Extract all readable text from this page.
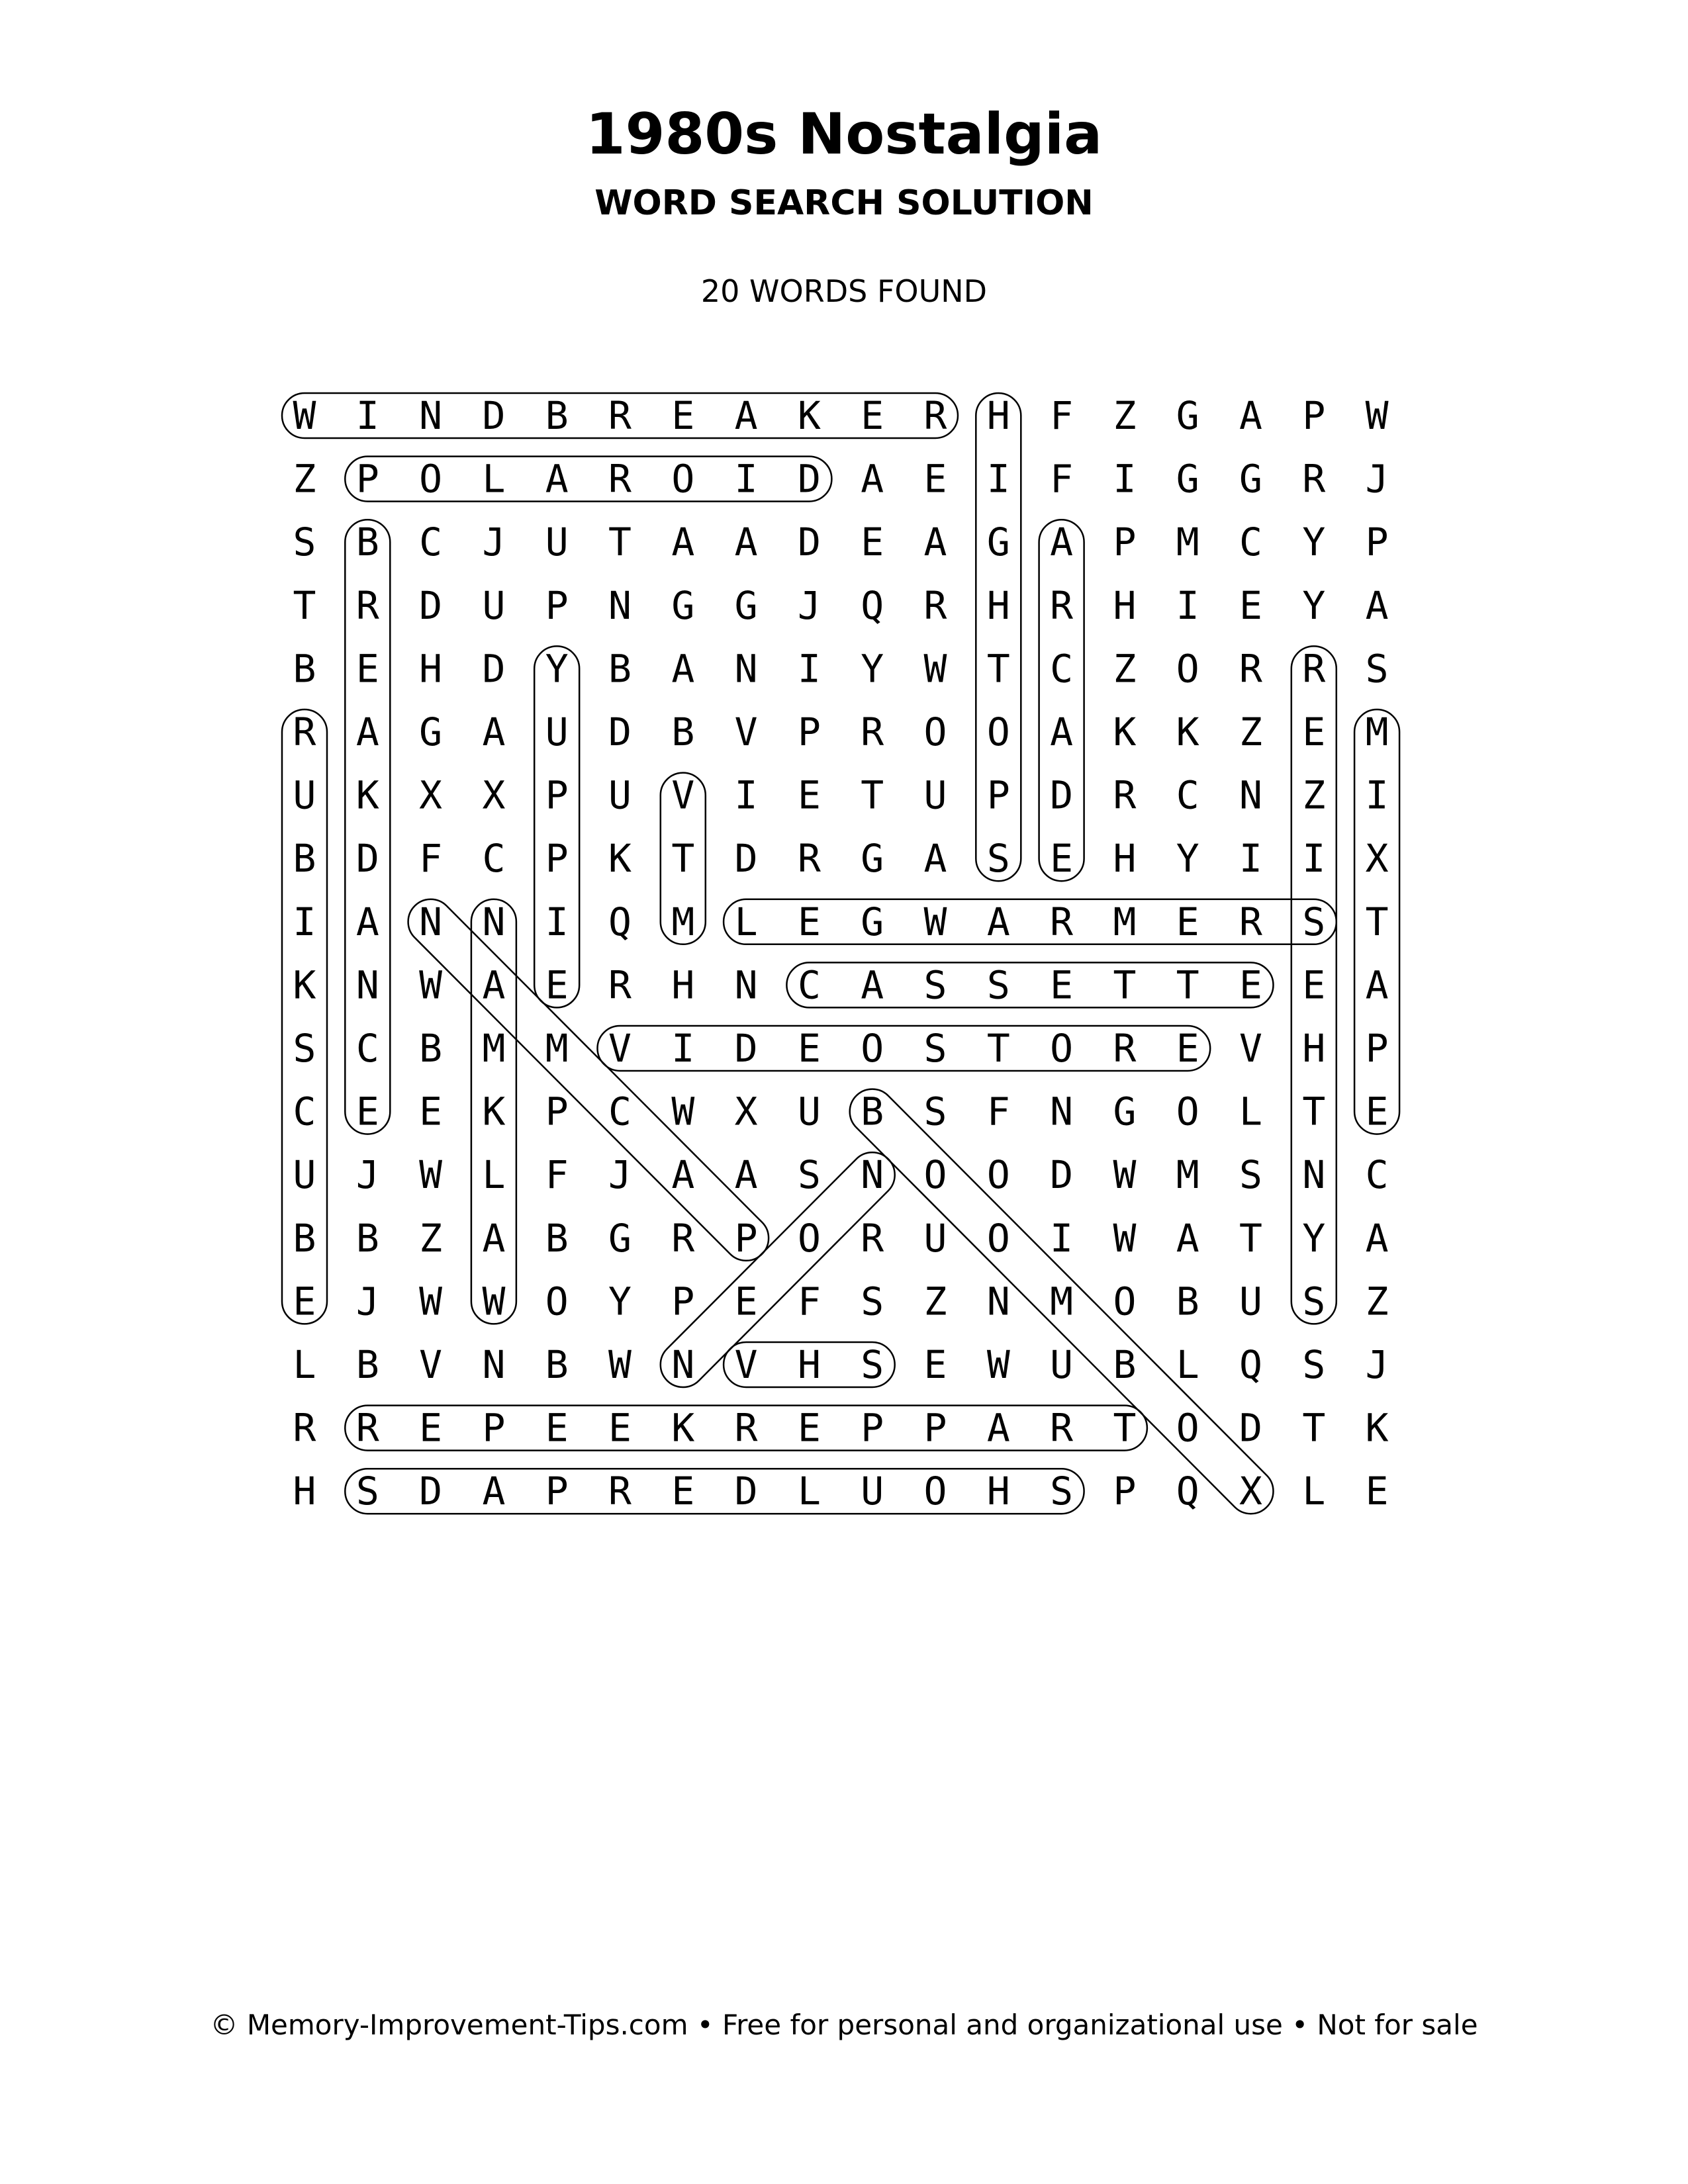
1980s Nostalgia
WORD SEARCH SOLUTION
20 WORDS FOUND
W I N D B R E A K E R H F Z G A P W
Z P O L A R O I D A E I F I G G R J
S B C J U T A A D E A G A P M C Y P
T R D U P N G G J Q R H R H I E Y A
B E H D Y B A N I Y W T C Z O R R S
R A G A U D B V P R O O A K K Z E M
U K X X P U V I E T U P D R C N Z I
B D F C P K T D R G A S E H Y I I X
I A N N I Q M L E G W A R M E R S T
K N W A E R H N C A S S E T T E E A
S C B M M V I D E O S T O R E V H P
C E E K P C W X U B S F N G O L T E
U J W L F J A A S N O O D W M S N C
B B Z A B G R P O R U O I W A T Y A
E J W W O Y P E F S Z N M O B U S Z
L B V N B W N V H S E W U B L Q S J
R R E P E E K R E P P A R T O D T K
H S D A P R E D L U O H S P Q X L E
© Memory-Improvement-Tips.com • Free for personal and organizational use • Not for sale
